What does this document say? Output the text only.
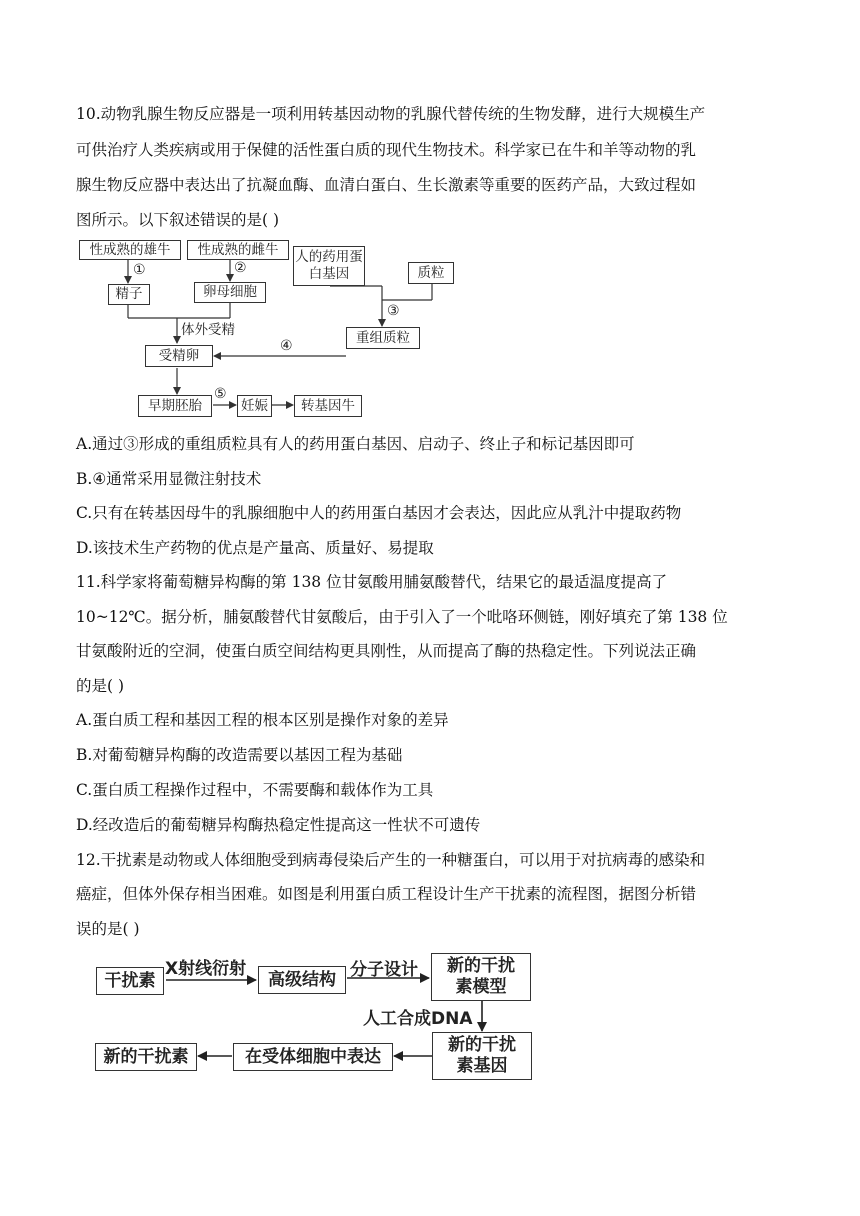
10.动物乳腺生物反应器是一项利用转基因动物的乳腺代替传统的生物发酵，进行大规模生产
可供治疗人类疾病或用于保健的活性蛋白质的现代生物技术。科学家已在牛和羊等动物的乳
腺生物反应器中表达出了抗凝血酶、血清白蛋白、生长激素等重要的医药产品，大致过程如
图所示。以下叙述错误的是( )
性成熟的雄牛	性成熟的雌牛	人的药用蛋白基因	质粒
①	②
精子	卵母细胞
③
体外受精	重组质粒
④
受精卵
⑤
早期胚胎	妊娠	转基因牛
A.通过③形成的重组质粒具有人的药用蛋白基因、启动子、终止子和标记基因即可
B.④通常采用显微注射技术
C.只有在转基因母牛的乳腺细胞中人的药用蛋白基因才会表达，因此应从乳汁中提取药物
D.该技术生产药物的优点是产量高、质量好、易提取
11.科学家将葡萄糖异构酶的第 138 位甘氨酸用脯氨酸替代，结果它的最适温度提高了
10~12℃。据分析，脯氨酸替代甘氨酸后，由于引入了一个吡咯环侧链，刚好填充了第 138 位
甘氨酸附近的空洞，使蛋白质空间结构更具刚性，从而提高了酶的热稳定性。下列说法正确
的是( )
A.蛋白质工程和基因工程的根本区别是操作对象的差异
B.对葡萄糖异构酶的改造需要以基因工程为基础
C.蛋白质工程操作过程中，不需要酶和载体作为工具
D.经改造后的葡萄糖异构酶热稳定性提高这一性状不可遗传
12.干扰素是动物或人体细胞受到病毒侵染后产生的一种糖蛋白，可以用于对抗病毒的感染和
癌症，但体外保存相当困难。如图是利用蛋白质工程设计生产干扰素的流程图，据图分析错
误的是( )
干扰素
X射线衍射
高级结构 分子设计	新的干扰素模型
人工合成DNA
新的干扰素基因
在受体细胞中表达
新的干扰素
